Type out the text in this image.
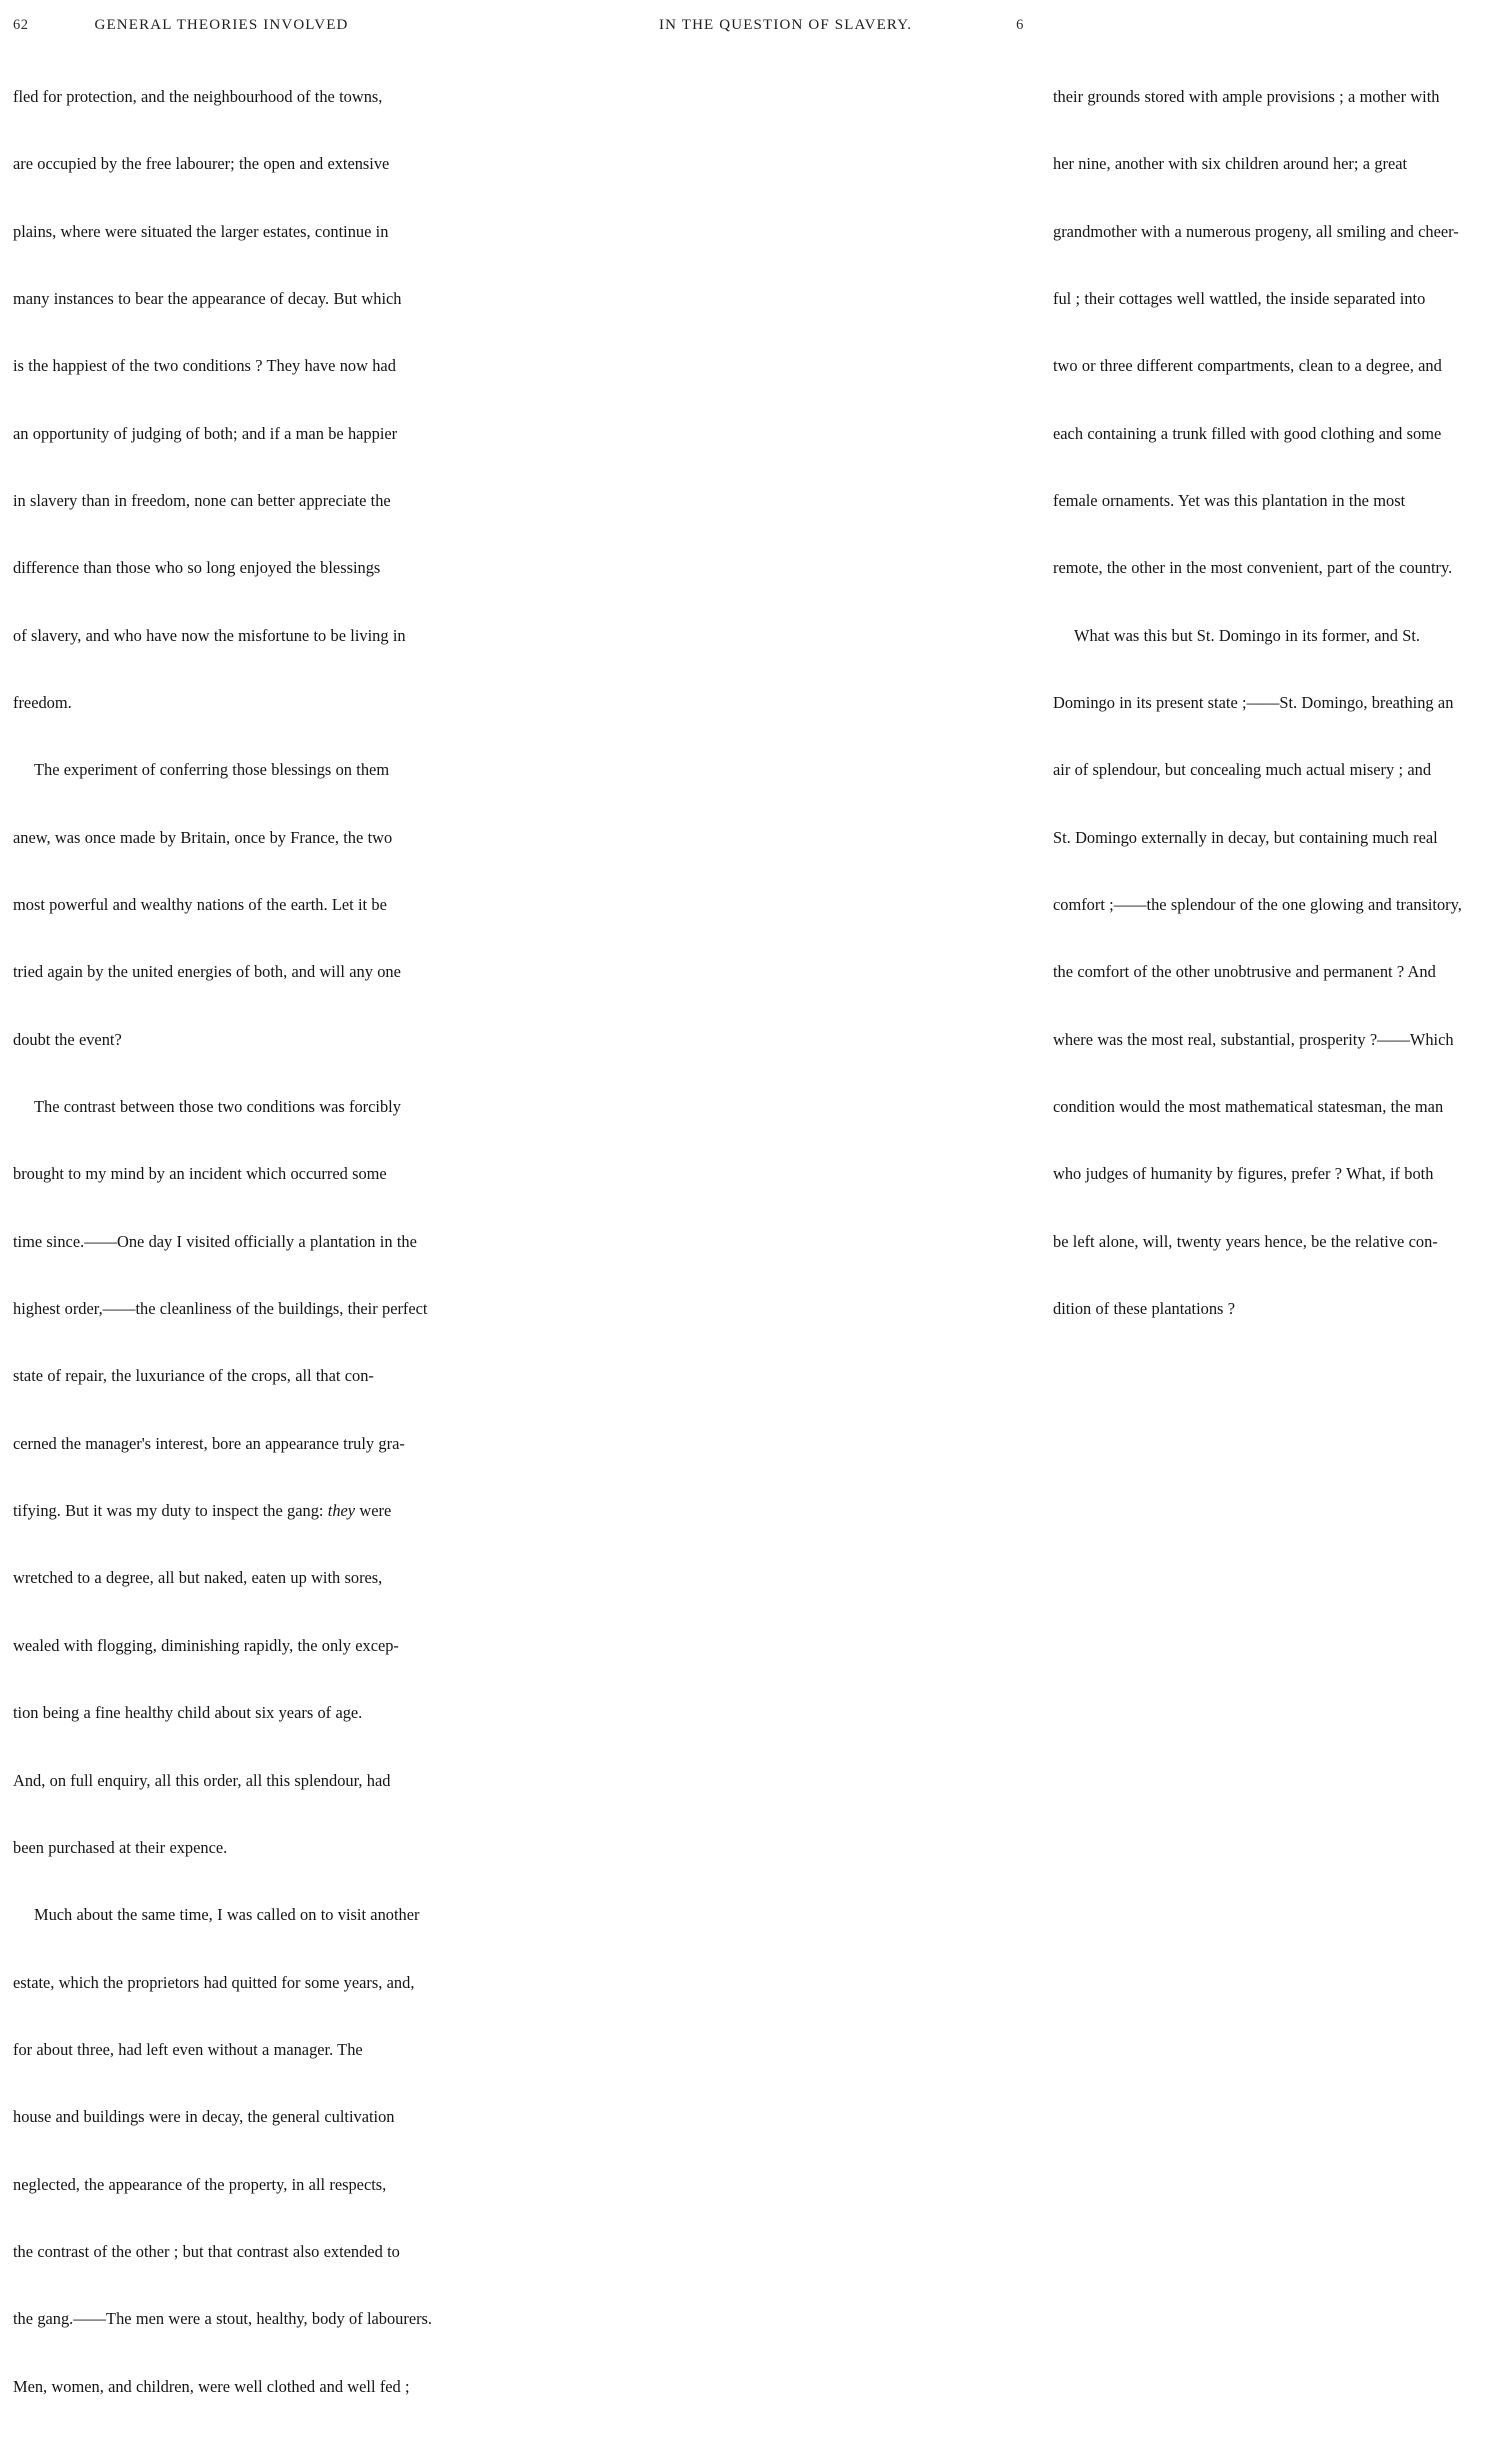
62	GENERAL THEORIES INVOLVED

fled for protection, and the neighbourhood of the towns,

are occupied by the free labourer; the open and extensive

plains, where were situated the larger estates, continue in

many instances to bear the appearance of decay. But which

is the happiest of the two conditions ? They have now had

an opportunity of judging of both; and if a man be happier

in slavery than in freedom, none can better appreciate the

difference than those who so long enjoyed the blessings

of slavery, and who have now the misfortune to be living in

freedom.

The experiment of conferring those blessings on them

anew, was once made by Britain, once by France, the two

most powerful and wealthy nations of the earth. Let it be

tried again by the united energies of both, and will any one

doubt the event?

The contrast between those two conditions was forcibly

brought to my mind by an incident which occurred some

time since.——One day I visited officially a plantation in the

highest order,——the cleanliness of the buildings, their perfect

state of repair, the luxuriance of the crops, all that con-

cerned the manager's interest, bore an appearance truly gra-

tifying. But it was my duty to inspect the gang: they were

wretched to a degree, all but naked, eaten up with sores,

wealed with flogging, diminishing rapidly, the only excep-

tion being a fine healthy child about six years of age.

And, on full enquiry, all this order, all this splendour, had

been purchased at their expence.

Much about the same time, I was called on to visit another

estate, which the proprietors had quitted for some years, and,

for about three, had left even without a manager. The

house and buildings were in decay, the general cultivation

neglected, the appearance of the property, in all respects,

the contrast of the other ; but that contrast also extended to

the gang.——The men were a stout, healthy, body of labourers.

Men, women, and children, were well clothed and well fed ;

IN THE QUESTION OF SLAVERY.	6

their grounds stored with ample provisions ; a mother with

her nine, another with six children around her; a great

grandmother with a numerous progeny, all smiling and cheer-

ful ; their cottages well wattled, the inside separated into

two or three different compartments, clean to a degree, and

each containing a trunk filled with good clothing and some

female ornaments. Yet was this plantation in the most

remote, the other in the most convenient, part of the country.

What was this but St. Domingo in its former, and St.

Domingo in its present state ;——St. Domingo, breathing an

air of splendour, but concealing much actual misery ; and

St. Domingo externally in decay, but containing much real

comfort ;——the splendour of the one glowing and transitory,

the comfort of the other unobtrusive and permanent ? And

where was the most real, substantial, prosperity ?——Which

condition would the most mathematical statesman, the man

who judges of humanity by figures, prefer ? What, if both

be left alone, will, twenty years hence, be the relative con-

dition of these plantations ?
